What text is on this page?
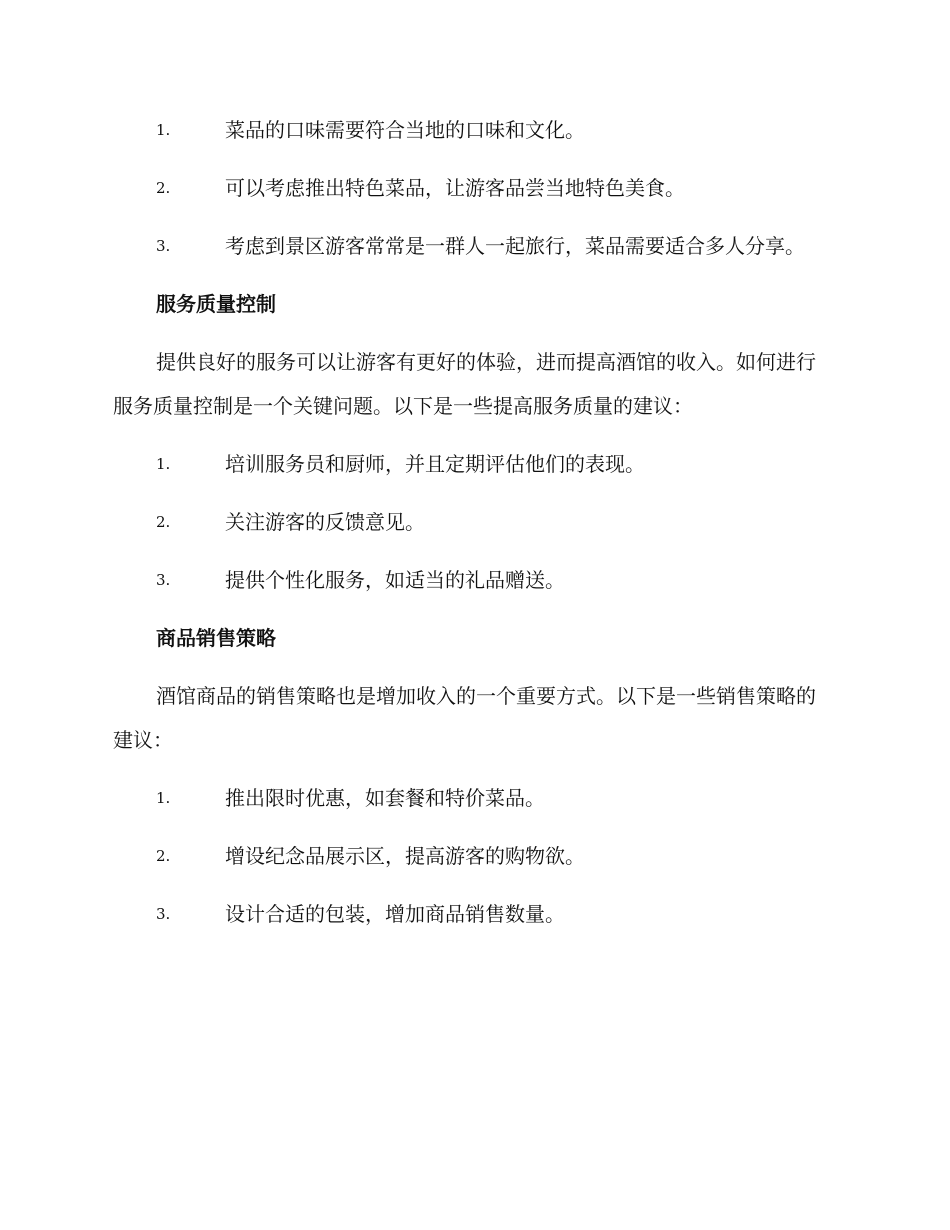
1.	菜品的口味需要符合当地的口味和文化。
2.	可以考虑推出特色菜品，让游客品尝当地特色美食。
3.	考虑到景区游客常常是一群人一起旅行，菜品需要适合多人分享。
服务质量控制
提供良好的服务可以让游客有更好的体验，进而提高酒馆的收入。如何进行服务质量控制是一个关键问题。以下是一些提高服务质量的建议：
1.	培训服务员和厨师，并且定期评估他们的表现。
2.	关注游客的反馈意见。
3.	提供个性化服务，如适当的礼品赠送。
商品销售策略
酒馆商品的销售策略也是增加收入的一个重要方式。以下是一些销售策略的建议：
1.	推出限时优惠，如套餐和特价菜品。
2.	增设纪念品展示区，提高游客的购物欲。
3.	设计合适的包装，增加商品销售数量。
